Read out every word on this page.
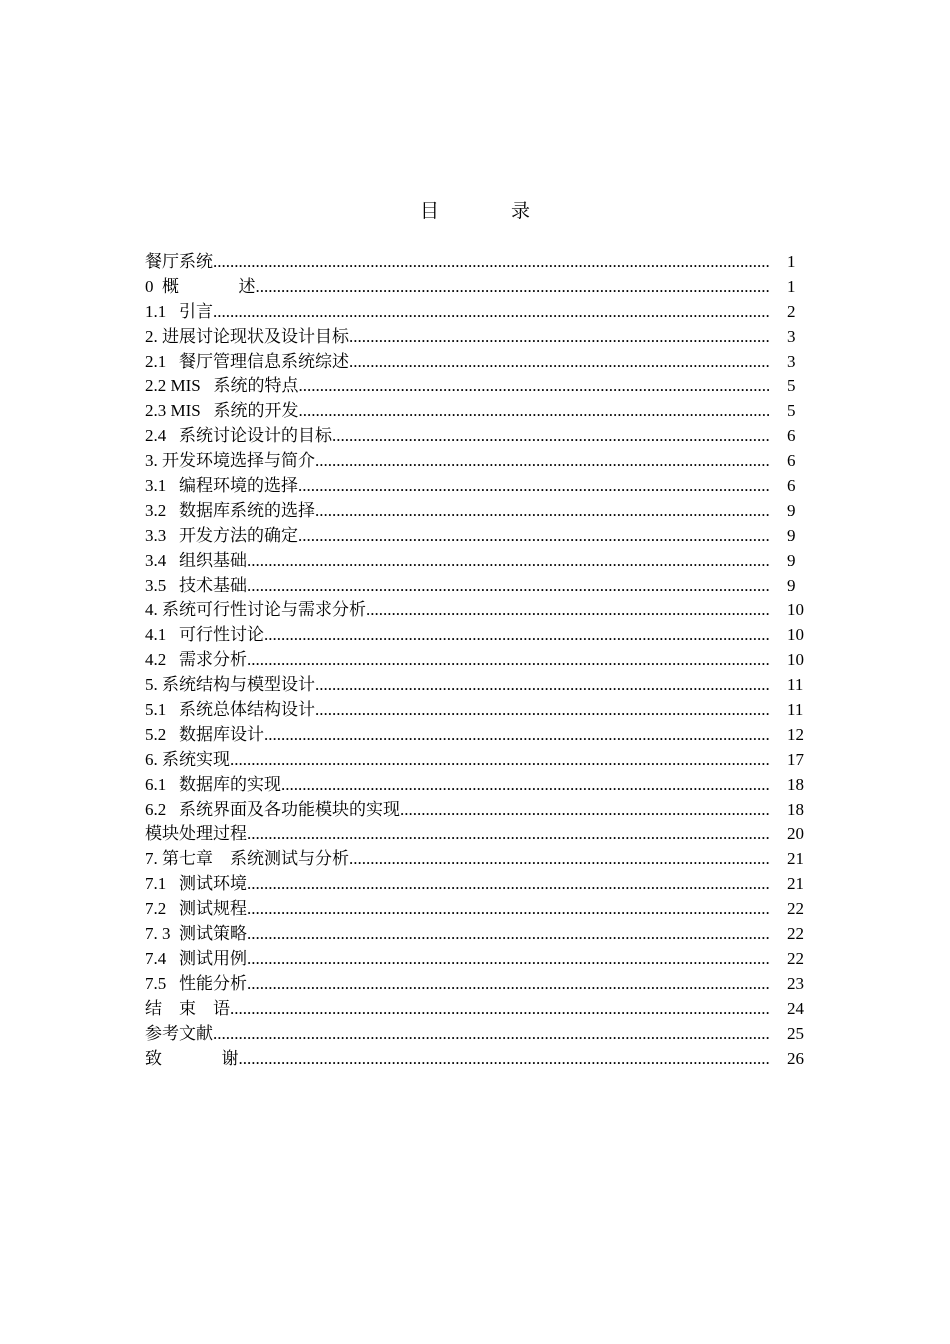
目	录
餐厅系统 .....	1
0  概              述 .....	1
1.1   引言 .....	2
2. 进展讨论现状及设计目标 .....	3
2.1   餐厅管理信息系统综述 .....	3
2.2 MIS   系统的特点 .....	5
2.3 MIS   系统的开发 .....	5
2.4   系统讨论设计的目标 .....	6
3. 开发环境选择与简介 .....	6
3.1   编程环境的选择 .....	6
3.2   数据库系统的选择 .....	9
3.3   开发方法的确定 .....	9
3.4   组织基础 .....	9
3.5   技术基础 .....	9
4. 系统可行性讨论与需求分析 .....	10
4.1   可行性讨论 .....	10
4.2   需求分析 .....	10
5. 系统结构与模型设计 .....	11
5.1   系统总体结构设计 .....	11
5.2   数据库设计 .....	12
6. 系统实现 .....	17
6.1   数据库的实现 .....	18
6.2   系统界面及各功能模块的实现 .....	18
模块处理过程 .....	20
7. 第七章    系统测试与分析 .....	21
7.1   测试环境 .....	21
7.2   测试规程 .....	22
7. 3  测试策略 .....	22
7.4   测试用例 .....	22
7.5   性能分析 .....	23
结    束    语 .....	24
参考文献 .....	25
致              谢 .....	26
